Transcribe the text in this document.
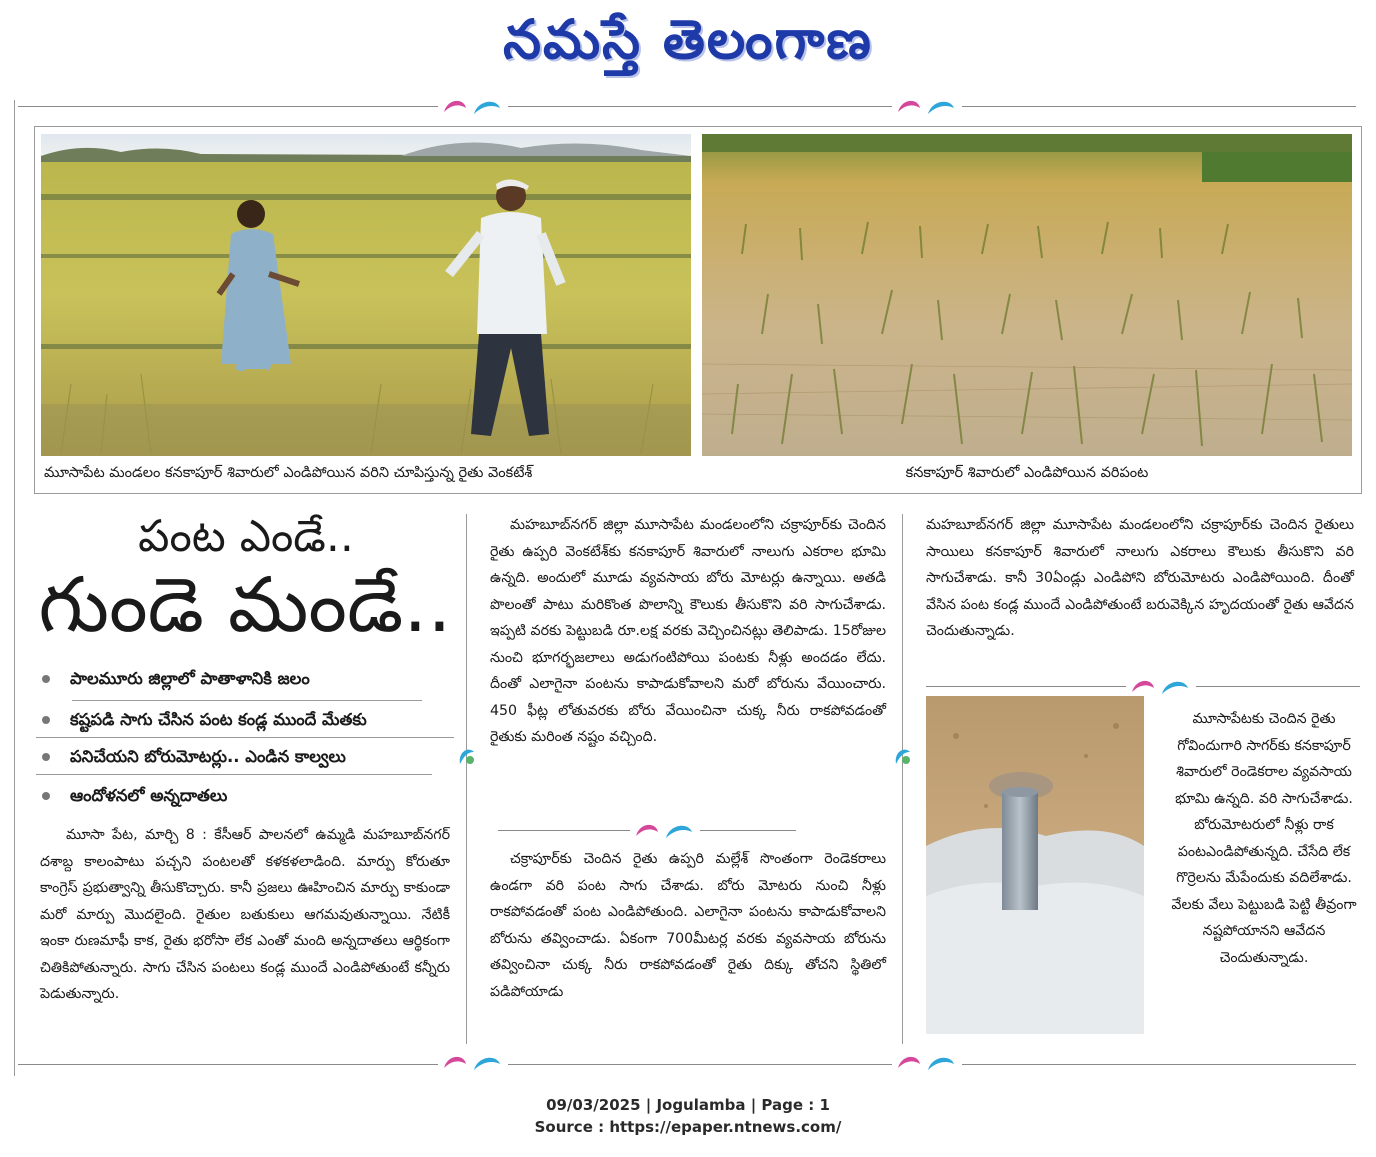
నమస్తే తెలంగాణ
మూసాపేట మండలం కనకాపూర్ శివారులో ఎండిపోయిన వరిని చూపిస్తున్న రైతు వెంకటేశ్	కనకాపూర్ శివారులో ఎండిపోయిన వరిపంట
పంట ఎండే..
గుండె మండే..
పాలమూరు జిల్లాలో పాతాళానికి జలం
కష్టపడి సాగు చేసిన పంట కండ్ల ముందే మేతకు
పనిచేయని బోరుమోటర్లు.. ఎండిన కాల్వలు
ఆందోళనలో అన్నదాతలు

మూసా పేట, మార్చి 8 : కేసీఆర్ పాలనలో ఉమ్మడి మహబూబ్‌నగర్ దశాబ్ద కాలంపాటు పచ్చని పంటలతో కళకళలాడింది. మార్పు కోరుతూ కాంగ్రెస్ ప్రభుత్వాన్ని తీసుకొచ్చారు. కానీ ప్రజలు ఊహించిన మార్పు కాకుండా మరో మార్పు మొదలైంది. రైతుల బతుకులు ఆగమవుతున్నాయి. నేటికీ ఇంకా రుణమాఫీ కాక, రైతు భరోసా లేక ఎంతో మంది అన్నదాతలు ఆర్థికంగా చితికిపోతున్నారు. సాగు చేసిన పంటలు కండ్ల ముందే ఎండిపోతుంటే కన్నీరు పెడుతున్నారు.

మహబూబ్‌నగర్ జిల్లా మూసాపేట మండలంలోని చక్రాపూర్‌కు చెందిన రైతు ఉప్పరి వెంకటేశ్‌కు కనకాపూర్ శివారులో నాలుగు ఎకరాల భూమి ఉన్నది. అందులో మూడు వ్యవసాయ బోరు మోటర్లు ఉన్నాయి. అతడి పొలంతో పాటు మరికొంత పొలాన్ని కౌలుకు తీసుకొని వరి సాగుచేశాడు. ఇప్పటి వరకు పెట్టుబడి రూ.లక్ష వరకు వెచ్చించినట్లు తెలిపాడు. 15రోజుల నుంచి భూగర్భజలాలు అడుగంటిపోయి పంటకు నీళ్లు అందడం లేదు. దీంతో ఎలాగైనా పంటను కాపాడుకోవాలని మరో బోరును వేయించారు. 450 ఫీట్ల లోతువరకు బోరు వేయించినా చుక్క నీరు రాకపోవడంతో రైతుకు మరింత నష్టం వచ్చింది.

చక్రాపూర్‌కు చెందిన రైతు ఉప్పరి మల్లేశ్ సొంతంగా రెండెకరాలు ఉండగా వరి పంట సాగు చేశాడు. బోరు మోటరు నుంచి నీళ్లు రాకపోవడంతో పంట ఎండిపోతుంది. ఎలాగైనా పంటను కాపాడుకోవాలని బోరును తవ్వించాడు. ఏకంగా 700మీటర్ల వరకు వ్యవసాయ బోరును తవ్వించినా చుక్క నీరు రాకపోవడంతో రైతు దిక్కు తోచని స్థితిలో పడిపోయాడు

మహబూబ్‌నగర్ జిల్లా మూసాపేట మండలంలోని చక్రాపూర్‌కు చెందిన రైతులు సాయిలు కనకాపూర్ శివారులో నాలుగు ఎకరాలు కౌలుకు తీసుకొని వరి సాగుచేశాడు. కానీ 30ఏండ్లు ఎండిపోని బోరుమోటరు ఎండిపోయింది. దీంతో వేసిన పంట కండ్ల ముందే ఎండిపోతుంటే బరువెక్కిన హృదయంతో రైతు ఆవేదన చెందుతున్నాడు.

మూసాపేటకు చెందిన రైతు గోవిందుగారి సాగర్‌కు కనకాపూర్ శివారులో రెండెకరాల వ్యవసాయ భూమి ఉన్నది. వరి సాగుచేశాడు. బోరుమోటరులో నీళ్లు రాక పంటఎండిపోతున్నది. చేసేది లేక గొర్రెలను మేపేందుకు వదిలేశాడు. వేలకు వేలు పెట్టుబడి పెట్టి తీవ్రంగా నష్టపోయానని ఆవేదన చెందుతున్నాడు.

09/03/2025 | Jogulamba | Page : 1
Source : https://epaper.ntnews.com/
